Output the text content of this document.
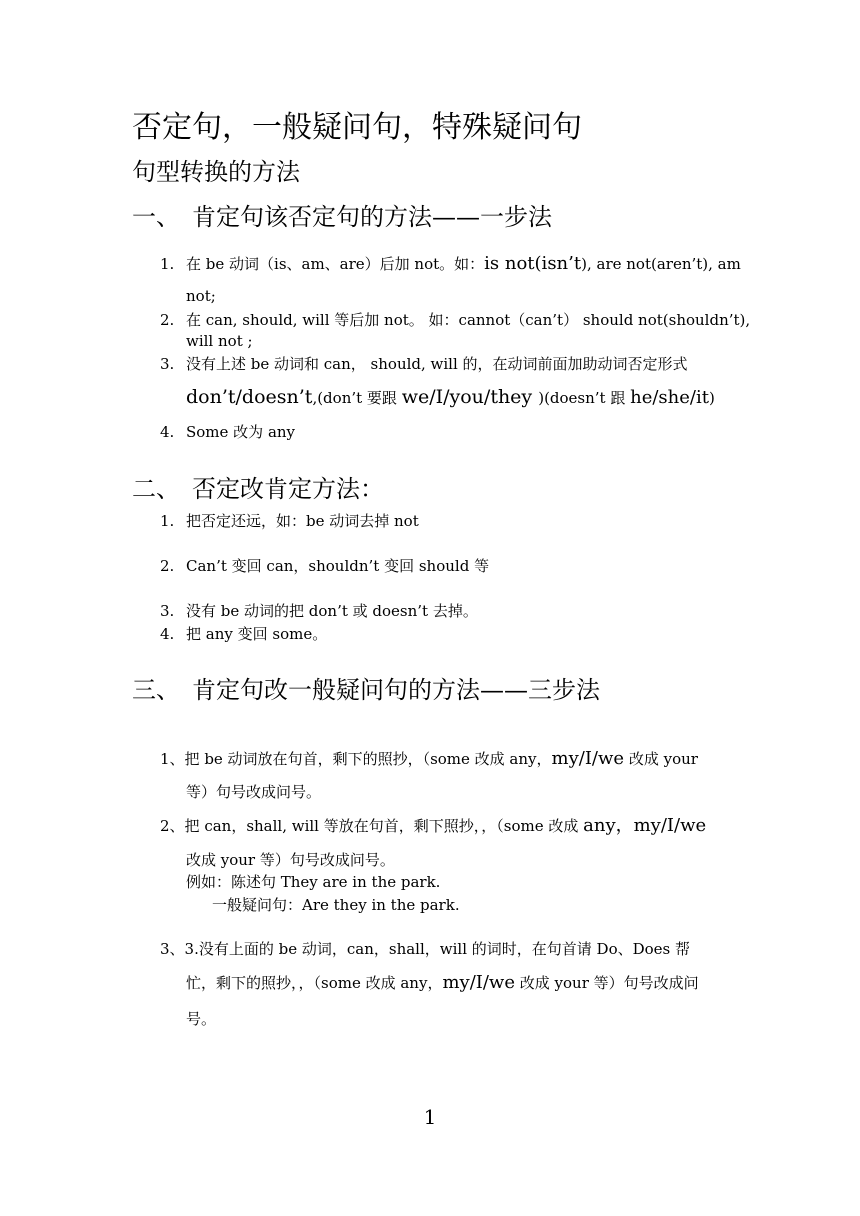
否定句，一般疑问句，特殊疑问句
句型转换的方法
一、 肯定句该否定句的方法——一步法
1. 在 be 动词（is、am、are）后加 not。如：is not(isn’t), are not(aren’t), am
not;
2. 在 can, should, will 等后加 not。 如：cannot（can’t） should not(shouldn’t),
will not ;
3. 没有上述 be 动词和 can， should, will 的，在动词前面加助动词否定形式
don’t/doesn’t,(don’t 要跟 we/I/you/they )(doesn’t 跟 he/she/it)
4. Some 改为 any
二、 否定改肯定方法：
1. 把否定还远，如：be 动词去掉 not
2. Can’t 变回 can，shouldn’t 变回 should 等
3. 没有 be 动词的把 don’t 或 doesn’t 去掉。
4. 把 any 变回 some。
三、 肯定句改一般疑问句的方法——三步法
1、把 be 动词放在句首，剩下的照抄，（some 改成 any，my/I/we 改成 your
等）句号改成问号。
2、把 can，shall, will 等放在句首，剩下照抄，，（some 改成 any，my/I/we
改成 your 等）句号改成问号。
例如：陈述句 They are in the park.
一般疑问句：Are they in the park.
3、3.没有上面的 be 动词，can，shall，will 的词时，在句首请 Do、Does 帮
忙，剩下的照抄，，（some 改成 any，my/I/we 改成 your 等）句号改成问
号。
1
